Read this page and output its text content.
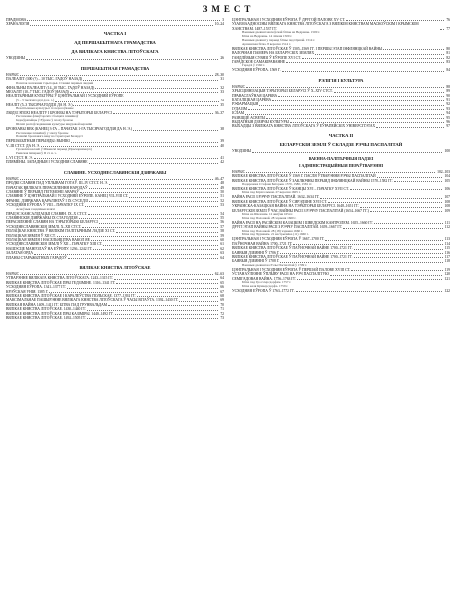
ЗМЕСТ
ПРАДМОВА	3
ХРАНАЛОГІЯ	10–24
ЧАСТКА І
АД ПЕРШАБЫТНАГА ГРАМАДСТВА
ДА ВЯЛІКАГА КНЯСТВА ЛІТОЎСКАГА
УВОДЗІНЫ	26
ПЕРШАБЫТНАЯ ГРАМАДСТВА
НАРЫС	28–30
ПАЛЕАЛІТ (300 (?) – 10 ТЫС. ГАДОЎ НАЗАД)	31
Пачатак засялення тэрыторыі. Стаянкі першых людзей
ФІНАЛЬНЫ ПАЛЕАЛІТ (14–10 ТЫС. ГАДОЎ НАЗАД)	32
МЕЗАЛІТ (10–7 ТЫС. ГАДОЎ НАЗАД)	33
НЕАЛІТЫЧНЫЯ КУЛЬТУРЫ Ў ЦЭНТРАЛЬНАЙ І УСХОДНЯЙ ЕЎРОПЕ
(5 – 3 тысячагоддзі да н. э.)	34
НЕАЛІТ (5–3 ТЫСЯЧАГОДДЗІ ДА Н. Э.)	35
Неалітычныя культуры і іх перасоўванне
ЛЮДЗІ ЭПОХІ НЕАЛІТУ І БРОНЗЫ НА ТЭРЫТОРЫІ БЕЛАРУСІ	36–37
Рассяленне фінаўгорскіх і балцкіх плямёнаў
Індаеўрапейцы ў Еўропе ў эпоху бронзы
Шляхі распаўсюджвання культуры шнуравой керамікі
БРОНЗАВЫ ВЕК (КАНЕЦ 3-ГА – ПАЧАТАК 1-ГА ТЫСЯЧАГОДДЗЯ ДА Н. Э.)	38
Рассяленне плямёнаў у эпоху бронзы
Помнікі бронзавага веку на тэрыторыі Беларусі
ПЕРШАБЫТНЫЯ ПЕРЫЯДЫ: ВЫНІКІ	39
V–III СТСТ. ДА Н. Э.	40
Грэчаскія калоніі ў Мікенскі перыяд (Прычарнамор'е)
Рымская імперыя ў II ст. н. э.
I–VI СТСТ. Н. Э.	41
ПЛЯМЁНЫ. ЗАПАДНЫЯ І УСХОДНІЯ СЛАВЯНЕ	42
СЛАВЯНЕ. УСХОДНЕСЛАВЯНСКІЯ ДЗЯРЖАВЫ
НАРЫС	46–47
ПРОДКІ СЛАВЯН ПАД УПЛЫВАМ ГОТАЎ. III–IV СТСТ. Н. Э.	48
ПАЧАТАК ВЯЛІКАГА ПЕРАСЯЛЕННЯ НАРОДАЎ	49
СЛАВЯНЕ Ў ПЕРЫЯД ГЕГЕМОНІІ АВАРАЎ	50
СЛАВЯНЕ Ў ЦЭНТРАЛЬНАЙ І УСХОДНЯЙ ЕЎРОПЕ. КАНЕЦ VII–VIII СТ.	51
ФРАНКІ, ДЗЯРЖАВА КАРАЛІНГАЎ І ІХ СУСЕДЗІ	52
УСХОДНЯЯ ЕЎРОПА Ў VIII – ПАЧАТКУ IX СТ.	53
Асноўныя гандлёвыя шляхі
ПРАЦЭС КАНСАЛІДАЦЫІ СЛАВЯН. IX–X СТСТ.	54
СЛАВЯНСКІЯ ДЗЯРЖАВЫ ІХ СТАГОДДЗЯ	55
ПЕРАСЯЛЕННЕ СЛАВЯН НА ТЭРЫТОРЫЮ БЕЛАРУСІ	56
УСХОДНЕСЛАВЯНСКІЯ ЗЕМЛІ. X–XII СТСТ.	57
ПОЛАЦКАЕ КНЯСТВА Ў ВЯЛІКІМ ПАЛІТЫЧНЫМ ЛАДЗЕ XI СТ.	58
ПОЛАЦКАЯ ЗЯМЛЯ Ў XII СТ.	59
ПОЛАЦКАЯ ЗЯМЛЯ І НАСЕЛЬНІЦТВА ВАКОЛ ЯЕ	60
УСХОДНЕСЛАВЯНСКІЯ ЗЕМЛІ Ў XII – ПАЧАТКУ XIII СТ.	61
НАШЭСЦЕ МАНГОЛАЎ НА ЕЎРОПУ. 1236–1242 ГГ.	62
ЗАЛАТАЯ ОРДА	63
ПЛАНЫ СТАРАЖЫТНЫХ ГАРАДОЎ	64
ВЯЛІКАЕ КНЯСТВА ЛІТОЎСКАЕ
НАРЫС	62–63
УТВАРЭННЕ ВЯЛІКАГА КНЯСТВА ЛІТОЎСКАГА. 1243–1315 ГГ.	64
ВЯЛІКАЕ КНЯСТВА ЛІТОЎСКАЕ ПРЫ ГЕДЗІМІНЕ. 1316–1341 ГГ.	65
УСХОДНЯЯ ЕЎРОПА. 1341–1377 ГГ.	66
КРЭЎСКАЯ УНІЯ. 1385 Г.	67
ВЯЛІКАЕ КНЯСТВА ЛІТОЎСКАЕ І КАРАЛЕЎСТВА ПОЛЬСКАЕ. 1377–1392 ГГ.	68
МАКСІМАЛЬНАЕ ПАШЫРЭННЕ ВЯЛІКАГА КНЯСТВА ЛІТОЎСКАГА Ў ЧАСЫ ВІТАЎТА. 1392–1430 ГГ.	69
ВЯЛІКАЯ ВАЙНА 1409–1411 ГГ. БІТВА ПАД ГРУНВАЛЬДАМ	70
ВЯЛІКАЕ КНЯСТВА ЛІТОЎСКАЕ. 1430–1440 ГГ.	71
ВЯЛІКАЕ КНЯСТВА ЛІТОЎСКАЕ ПРЫ КАЗІМІРЫ. 1440–1492 ГГ.	72
ВЯЛІКАЕ КНЯСТВА ЛІТОЎСКАЕ. 1492–1505 ГГ.	73
ЦЭНТРАЛЬНАЯ І УСХОДНЯЯ ЕЎРОПА Ў ДРУГОЙ ПАЛОВЕ XV СТ.	76
УЗАЕМААДНОСІНЫ ВЯЛІКАГА КНЯСТВА ЛІТОЎСКАГА З ВЯЛІКІМ КНЯСТВАМ МАСКОЎСКІМ І КРЫМСКІМ ХАНСТВАМ. 1487–1537 ГГ.	77
Ваенныя дзеянні маскоўскай бітвы на Ведрашы. 1500 г.
Бітва на Ведрашы. 14 ліпеня 1500 г.
Ваенныя дзеянні у перыяд бітвы пад Оршай. 1514 г.
Аршанская бітва. 8 верасня 1514 г.
ВЯЛІКАЕ КНЯСТВА ЛІТОЎСКАЕ Ў 1505–1569 ГГ. І ПЕРШЫ ЭТАП ІНФЛЯНЦКАЙ ВАЙНЫ	80
ВАЛОЧНАЯ ПАМЕРА НА БЕЛАРУСКІХ ЗЕМЛЯХ	81
ГАНДЛЁВЫЯ СУВЯЗІ Ў ЕЎРОПЕ XVI СТ.	82
ГАРАДСКОЕ САМАКІРАВАННЕ	83
Гарадзі ў 1560 г.
УСХОДНЯЯ ЕЎРОПА. 1569 Г.	84
РЭЛІГІЯ І КУЛЬТУРА
НАРЫС	88
ХРЫСЦІЯНІЗАЦЫЯ ТЭРЫТОРЫІ БЕЛАРУСІ Ў X–XIV СТСТ.	89
ПРАВАСЛАЎНАЯ ЦАРКВА	90
КАТАЛІЦКАЯ ЦАРКВА	91
РЭФАРМАЦЫЯ	92
ІУДАІЗМ	93
ІСЛАМ	94
РАЗВІЦЦЁ АСВЕТЫ	95
ВЫДАТНЫЯ ДЗЕЯЧЫ КУЛЬТУРЫ	96
ВЫХАДЦЫ З ВЯЛІКАГА КНЯСТВА ЛІТОЎСКАГА Ў ЕЎРАПЕЙСКІХ УНІВЕРСІТЭТАХ	97
ЧАСТКА ІІ
БЕЛАРУСКІЯ ЗЕМЛІ Ў СКЛАДЗЕ РЭЧЫ ПАСПАЛІТАЙ
УВОДЗІНЫ	100
ВАЕННА-ПАЛІТЫЧНЫЯ ПАДЗЕІ
І АДМІНІСТРАЦЫЙНЫЯ ПЕРАЎТВАРЭННІ
НАРЫС	102–103
ВЯЛІКАЕ КНЯСТВА ЛІТОЎСКАЕ Ў 1569 Г. ПАСЛЯ ЎТВАРЭННЯ РЭЧЫ ПАСПАЛІТАЙ	104
ВЯЛІКАЕ КНЯСТВА ЛІТОЎСКАЕ Ў ЗАКЛЮЧНЫ ПЕРЫЯД ІНФЛЯНЦКАЙ ВАЙНЫ 1570–1582 ГГ.	105
Падарожжа Стэфана Баторыя. 1579, 1580, 1581 гг.
ВЯЛІКАЕ КНЯСТВА ЛІТОЎСКАЕ Ў КАНЦЫ XVI – ПАЧАТКУ XVII СТ.	106
Бітва пад Кірхгольмам. 27 верасня 1605 г.
ВАЙНА РАСІІ З РЭЧЧУ ПАСПАЛІТАЙ. 1632–1634 ГГ.	107
ВЯЛІКАЕ КНЯСТВА ЛІТОЎСКАЕ Ў СЯРЭДЗІНЕ XVII СТ.	108
УКРАІНСКА-КАЗАЦКАЯ ВАЙНА НА ТЭРЫТОРЫІ БЕЛАРУСІ. 1648–1651 ГГ.	108
БЕЛАРУСКІЯ ЗЕМЛІ Ў ЧАС ВАЙНЫ РАСІІ З РЭЧЧУ ПАСПАЛІТАЙ (1654–1667 ГГ.)	109
Бітва на Шкловам. 12 жніўня 1654 г.
Бітва пад Палонкай. 28 чэрвеня 1660 г.
ВАЙНА РАСІІ НА РАСІЙСКІМ КАЗАЦКІМ І ШВЕДСКІМ КАНТРОЛЕМ. 1655–1660 ГГ.	111
ДРУГІ ЭТАП ВАЙНЫ РАСІІ З РЭЧЧУ ПАСПАЛІТАЙ. 1659–1667 ГГ.	112
Бітва пад Палонкай. 28 (18) чэрвеня 1660 г.
Бітва пад Чуднавам. 21 кастрычніка (11) 1660 г.
ЦЭНТРАЛЬНАЯ І УСХОДНЯЯ ЕЎРОПА Ў 1667–1700 ГГ.	113
ПАЎНОЧНАЯ ВАЙНА 1700–1721 ГГ.	114
ВЯЛІКАЕ КНЯСТВА ЛІТОЎСКАЕ Ў ПАЎНОЧНАЙ ВАЙНЕ 1700–1721 ГГ.	115
БАЯВЫЯ ДЗЕЯННІ Ў 1706 Г.	116
ВЯЛІКАЕ КНЯСТВА ЛІТОЎСКАЕ Ў ПАЎНОЧНАЙ ВАЙНЕ 1700–1721 ГГ.	117
БАЯВЫЯ ДЗЕЯННІ Ў 1708 Г.	118
Ваенныя дзеянні на Рэчы Паспалітай ў 1709 г.
ЦЭНТРАЛЬНАЯ І УСХОДНЯЯ ЕЎРОПА Ў ПЕРШАЙ ПАЛОВЕ XVIII СТ.	119
УСТАНАЎЛЕННЕ ЎПЛЫВУ РАСІІ НА РЭЧ ПАСПАЛІТУЮ	120
СЕМІГАДОВАЯ ВАЙНА. 1756–1763 ГГ.	121
Бітва пад Гросэгерсдорфам. 1757 г.
Бітва каля Куннерсдорфа. 1759 г.
УСХОДНЯЯ ЕЎРОПА Ў 1763–1772 ГГ.	122
